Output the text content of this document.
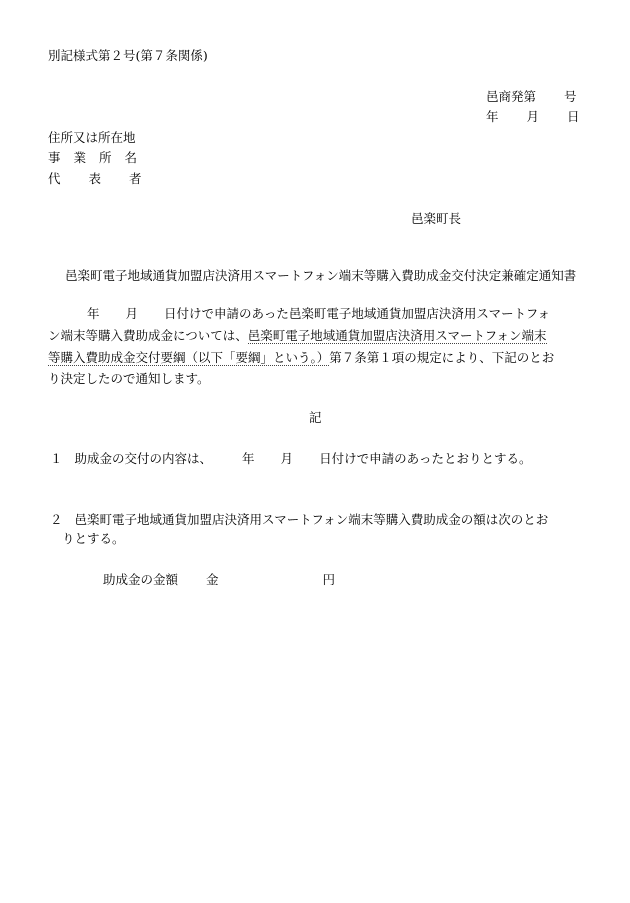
別記様式第２号(第７条関係)
邑商発第 号
年 月 日
住所又は所在地
事 業 所 名
代 表 者
邑楽町長
邑楽町電子地域通貨加盟店決済用スマートフォン端末等購入費助成金交付決定兼確定通知書
年 月 日付けで申請のあった邑楽町電子地域通貨加盟店決済用スマートフォ
ン端末等購入費助成金については、邑楽町電子地域通貨加盟店決済用スマートフォン端末
等購入費助成金交付要綱（以下「要綱」という。）第７条第１項の規定により、下記のとお
り決定したので通知します。
記
１ 助成金の交付の内容は、 年 月 日付けで申請のあったとおりとする。
２ 邑楽町電子地域通貨加盟店決済用スマートフォン端末等購入費助成金の額は次のとお
りとする。
助成金の金額 金	円
